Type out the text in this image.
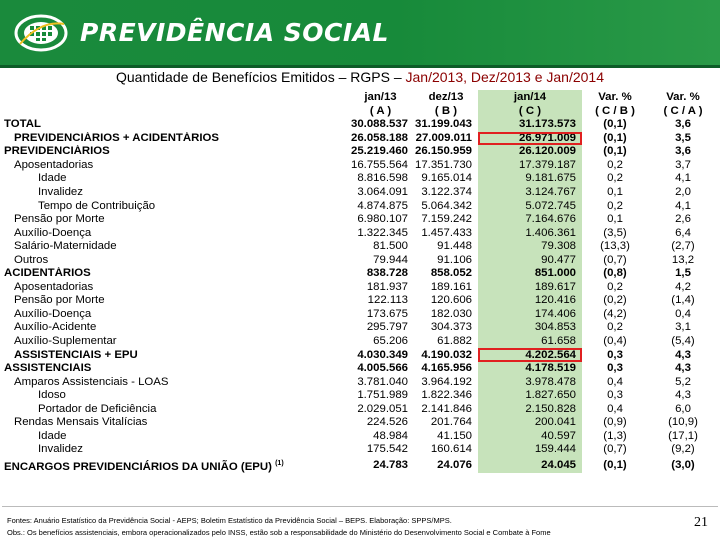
PREVIDÊNCIA SOCIAL
Quantidade de Benefícios Emitidos – RGPS – Jan/2013, Dez/2013 e Jan/2014
	jan/13	dez/13	jan/14	Var. %	Var. %
	( A )	( B )	( C )	( C / B )	( C / A )
TOTAL	30.088.537	31.199.043	31.173.573	(0,1)	3,6
PREVIDENCIÁRIOS + ACIDENTÁRIOS	26.058.188	27.009.011	26.971.009	(0,1)	3,5
PREVIDENCIÁRIOS	25.219.460	26.150.959	26.120.009	(0,1)	3,6
Aposentadorias	16.755.564	17.351.730	17.379.187	0,2	3,7
Idade	8.816.598	9.165.014	9.181.675	0,2	4,1
Invalidez	3.064.091	3.122.374	3.124.767	0,1	2,0
Tempo de Contribuição	4.874.875	5.064.342	5.072.745	0,2	4,1
Pensão por Morte	6.980.107	7.159.242	7.164.676	0,1	2,6
Auxílio-Doença	1.322.345	1.457.433	1.406.361	(3,5)	6,4
Salário-Maternidade	81.500	91.448	79.308	(13,3)	(2,7)
Outros	79.944	91.106	90.477	(0,7)	13,2
ACIDENTÁRIOS	838.728	858.052	851.000	(0,8)	1,5
Aposentadorias	181.937	189.161	189.617	0,2	4,2
Pensão por Morte	122.113	120.606	120.416	(0,2)	(1,4)
Auxílio-Doença	173.675	182.030	174.406	(4,2)	0,4
Auxílio-Acidente	295.797	304.373	304.853	0,2	3,1
Auxílio-Suplementar	65.206	61.882	61.658	(0,4)	(5,4)
ASSISTENCIAIS + EPU	4.030.349	4.190.032	4.202.564	0,3	4,3
ASSISTENCIAIS	4.005.566	4.165.956	4.178.519	0,3	4,3
Amparos Assistenciais - LOAS	3.781.040	3.964.192	3.978.478	0,4	5,2
Idoso	1.751.989	1.822.346	1.827.650	0,3	4,3
Portador de Deficiência	2.029.051	2.141.846	2.150.828	0,4	6,0
Rendas Mensais Vitalícias	224.526	201.764	200.041	(0,9)	(10,9)
Idade	48.984	41.150	40.597	(1,3)	(17,1)
Invalidez	175.542	160.614	159.444	(0,7)	(9,2)
ENCARGOS PREVIDENCIÁRIOS DA UNIÃO (EPU) $^{(1)}$	24.783	24.076	24.045	(0,1)	(3,0)
Fontes: Anuário Estatístico da Previdência Social - AEPS; Boletim Estatístico da Previdência Social – BEPS. Elaboração: SPPS/MPS.
Obs.: Os benefícios assistenciais, embora operacionalizados pelo INSS, estão sob a responsabilidade do Ministério do Desenvolvimento Social e Combate à Fome
21
